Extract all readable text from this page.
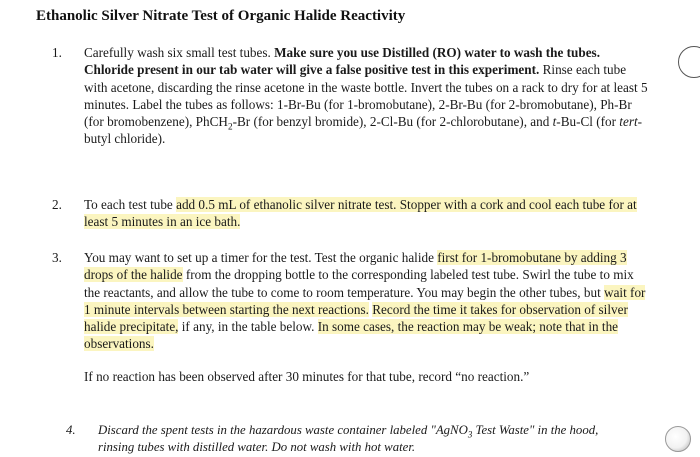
Ethanolic Silver Nitrate Test of Organic Halide Reactivity
1. Carefully wash six small test tubes. Make sure you use Distilled (RO) water to wash the tubes. Chloride present in our tab water will give a false positive test in this experiment. Rinse each tube with acetone, discarding the rinse acetone in the waste bottle. Invert the tubes on a rack to dry for at least 5 minutes. Label the tubes as follows: 1-Br-Bu (for 1-bromobutane), 2-Br-Bu (for 2-bromobutane), Ph-Br (for bromobenzene), PhCH$_2$-Br (for benzyl bromide), 2-Cl-Bu (for 2-chlorobutane), and t-Bu-Cl (for tert-butyl chloride).
2. To each test tube add 0.5 mL of ethanolic silver nitrate test. Stopper with a cork and cool each tube for at least 5 minutes in an ice bath.
3. You may want to set up a timer for the test. Test the organic halide first for 1-bromobutane by adding 3 drops of the halide from the dropping bottle to the corresponding labeled test tube. Swirl the tube to mix the reactants, and allow the tube to come to room temperature. You may begin the other tubes, but wait for 1 minute intervals between starting the next reactions. Record the time it takes for observation of silver halide precipitate, if any, in the table below. In some cases, the reaction may be weak; note that in the observations.
If no reaction has been observed after 30 minutes for that tube, record “no reaction.”
4. Discard the spent tests in the hazardous waste container labeled "AgNO$_3$ Test Waste" in the hood, rinsing tubes with distilled water. Do not wash with hot water.
